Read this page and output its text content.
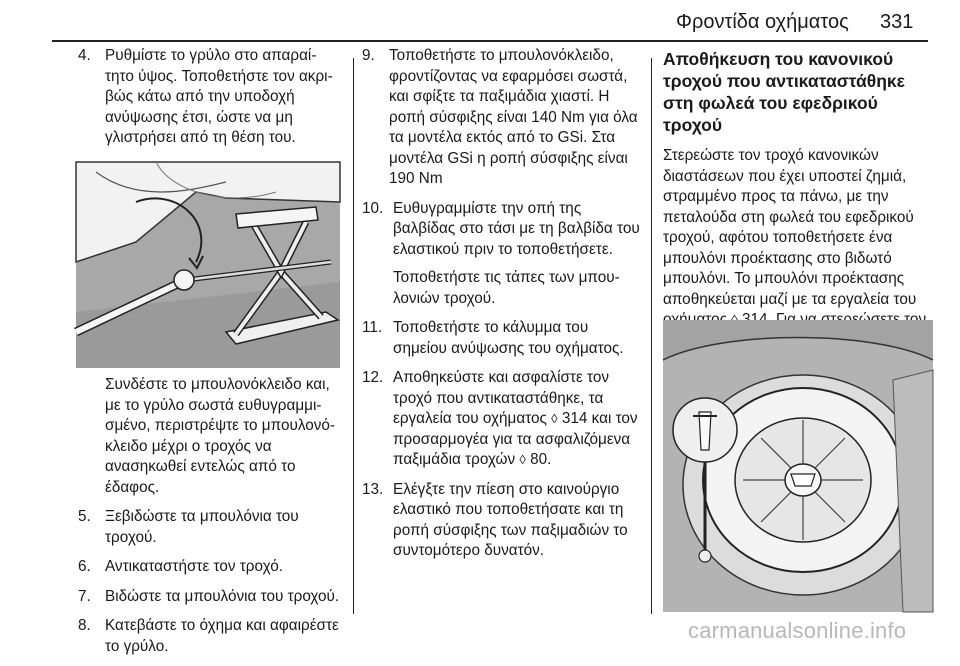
Φροντίδα οχήματος 331
4. Ρυθμίστε το γρύλο στο απαραίτητο ύψος. Τοποθετήστε τον ακριβώς κάτω από την υποδοχή ανύψωσης έτσι, ώστε να μη γλιστρήσει από τη θέση του.

Συνδέστε το μπουλονόκλειδο και, με το γρύλο σωστά ευθυγραμμισμένο, περιστρέψτε το μπουλονόκλειδο μέχρι ο τροχός να ανασηκωθεί εντελώς από το έδαφος.

5. Ξεβιδώστε τα μπουλόνια του τροχού.

6. Αντικαταστήστε τον τροχό.

7. Βιδώστε τα μπουλόνια του τροχού.

8. Κατεβάστε το όχημα και αφαιρέστε το γρύλο.

9. Τοποθετήστε το μπουλονόκλειδο, φροντίζοντας να εφαρμόσει σωστά, και σφίξτε τα παξιμάδια χιαστί. Η ροπή σύσφιξης είναι 140 Nm για όλα τα μοντέλα εκτός από το GSi. Στα μοντέλα GSi η ροπή σύσφιξης είναι 190 Nm

10. Ευθυγραμμίστε την οπή της βαλβίδας στο τάσι με τη βαλβίδα του ελαστικού πριν το τοποθετήσετε.

Τοποθετήστε τις τάπες των μπουλονιών τροχού.

11. Τοποθετήστε το κάλυμμα του σημείου ανύψωσης του οχήματος.

12. Αποθηκεύστε και ασφαλίστε τον τροχό που αντικαταστάθηκε, τα εργαλεία του οχήματος ◊ 314 και τον προσαρμογέα για τα ασφαλιζόμενα παξιμάδια τροχών ◊ 80.

13. Ελέγξτε την πίεση στο καινούργιο ελαστικό που τοποθετήσατε και τη ροπή σύσφιξης των παξιμαδιών το συντομότερο δυνατόν.

Αποθήκευση του κανονικού τροχού που αντικαταστάθηκε στη φωλεά του εφεδρικού τροχού

Στερεώστε τον τροχό κανονικών διαστάσεων που έχει υποστεί ζημιά, στραμμένο προς τα πάνω, με την πεταλούδα στη φωλεά του εφεδρικού τροχού, αφότου τοποθετήσετε ένα μπουλόνι προέκτασης στο βιδωτό μπουλόνι. Το μπουλόνι προέκτασης αποθηκεύεται μαζί με τα εργαλεία του

carmanualsonline.info
